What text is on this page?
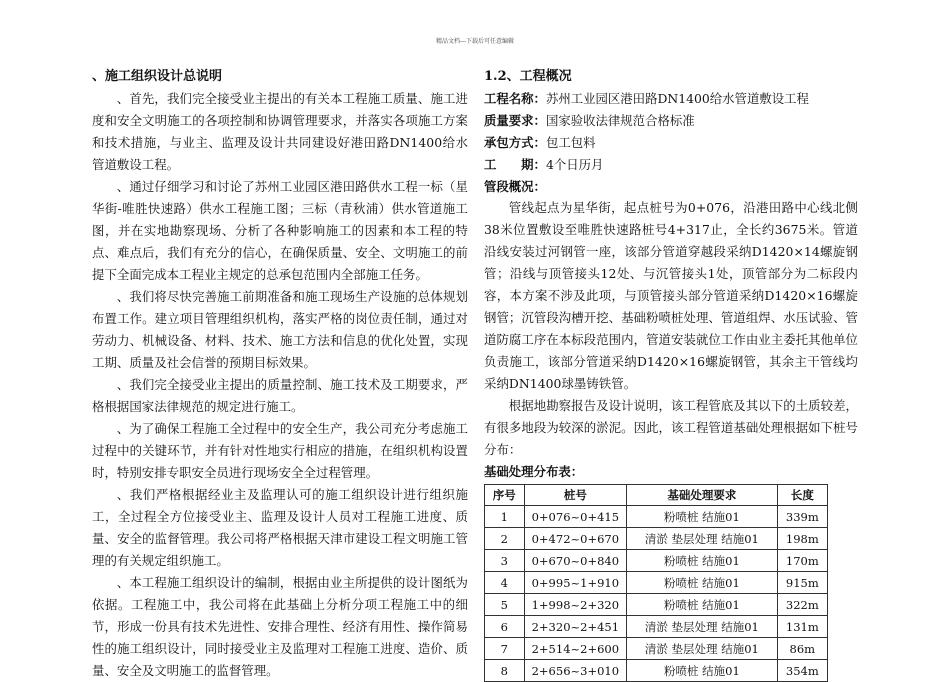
精品文档---下载后可任意编辑

、施工组织设计总说明

、首先，我们完全接受业主提出的有关本工程施工质量、施工进度和安全文明施工的各项控制和协调管理要求，并落实各项施工方案和技术措施，与业主、监理及设计共同建设好港田路DN1400给水管道敷设工程。

、通过仔细学习和讨论了苏州工业园区港田路供水工程一标（星华街-唯胜快速路）供水工程施工图；三标（青秋浦）供水管道施工图，并在实地勘察现场、分析了各种影响施工的因素和本工程的特点、难点后，我们有充分的信心，在确保质量、安全、文明施工的前提下全面完成本工程业主规定的总承包范围内全部施工任务。

、我们将尽快完善施工前期准备和施工现场生产设施的总体规划布置工作。建立项目管理组织机构，落实严格的岗位责任制，通过对劳动力、机械设备、材料、技术、施工方法和信息的优化处置，实现工期、质量及社会信誉的预期目标效果。

、我们完全接受业主提出的质量控制、施工技术及工期要求，严格根据国家法律规范的规定进行施工。

、为了确保工程施工全过程中的安全生产，我公司充分考虑施工过程中的关键环节，并有针对性地实行相应的措施，在组织机构设置时，特别安排专职安全员进行现场安全全过程管理。

、我们严格根据经业主及监理认可的施工组织设计进行组织施工，全过程全方位接受业主、监理及设计人员对工程施工进度、质量、安全的监督管理。我公司将严格根据天津市建设工程文明施工管理的有关规定组织施工。

、本工程施工组织设计的编制，根据由业主所提供的设计图纸为依据。工程施工中，我公司将在此基础上分析分项工程施工中的细节，形成一份具有技术先进性、安排合理性、经济有用性、操作简易性的施工组织设计，同时接受业主及监理对工程施工进度、造价、质量、安全及文明施工的监督管理。

1.2、工程概况

工程名称：苏州工业园区港田路DN1400给水管道敷设工程

质量要求：国家验收法律规范合格标准

承包方式：包工包料

工　　期：4个日历月

管段概况：

管线起点为星华街，起点桩号为0+076，沿港田路中心线北侧38米位置敷设至唯胜快速路桩号4+317止，全长约3675米。管道沿线安装过河钢管一座，该部分管道穿越段采纳D1420×14螺旋钢管；沿线与顶管接头12处、与沉管接头1处，顶管部分为二标段内容，本方案不涉及此项，与顶管接头部分管道采纳D1420×16螺旋钢管；沉管段沟槽开挖、基础粉喷桩处理、管道组焊、水压试验、管道防腐工序在本标段范围内，管道安装就位工作由业主委托其他单位负责施工，该部分管道采纳D1420×16螺旋钢管，其余主干管线均采纳DN1400球墨铸铁管。

根据地勘察报告及设计说明，该工程管底及其以下的土质较差，有很多地段为较深的淤泥。因此，该工程管道基础处理根据如下桩号分布：

基础处理分布表：

序号	桩号	基础处理要求	长度
1	0+076~0+415	粉喷桩 结施01	339m
2	0+472~0+670	清淤 垫层处理 结施01	198m
3	0+670~0+840	粉喷桩 结施01	170m
4	0+995~1+910	粉喷桩 结施01	915m
5	1+998~2+320	粉喷桩 结施01	322m
6	2+320~2+451	清淤 垫层处理 结施01	131m
7	2+514~2+600	清淤 垫层处理 结施01	86m
8	2+656~3+010	粉喷桩 结施01	354m
